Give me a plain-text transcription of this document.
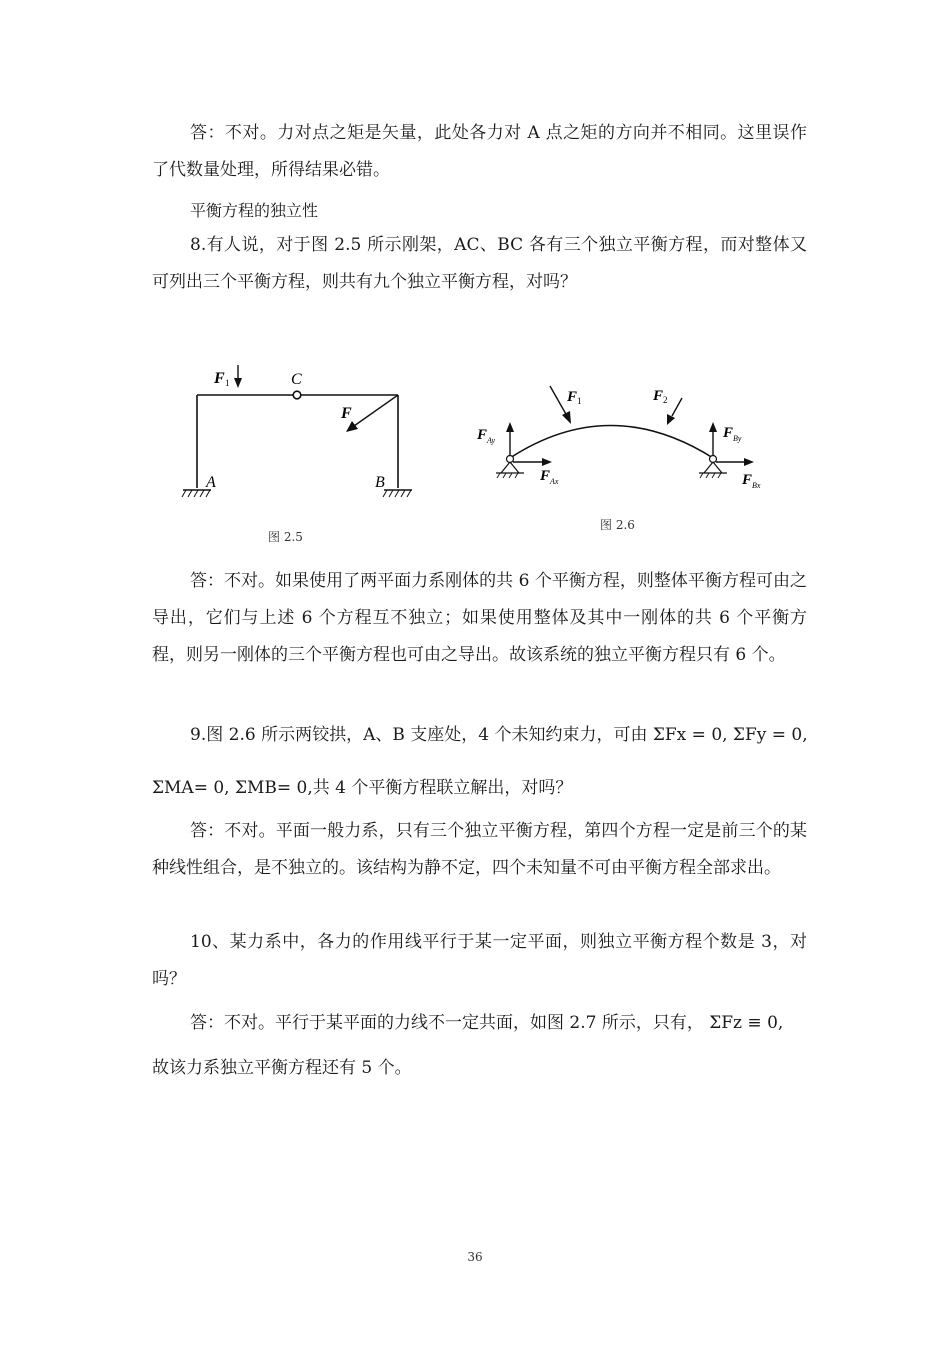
答：不对。力对点之矩是矢量，此处各力对 A 点之矩的方向并不相同。这里误作了代数量处理，所得结果必错。

平衡方程的独立性

8.有人说，对于图 2.5 所示刚架，AC、BC 各有三个独立平衡方程，而对整体又可列出三个平衡方程，则共有九个独立平衡方程，对吗？

F 1	C
F
A	B
图 2.5
F 1	F 2
F Ay
F Ax
F By
F Bx
图 2.6

答：不对。如果使用了两平面力系刚体的共 6 个平衡方程，则整体平衡方程可由之导出，它们与上述 6 个方程互不独立；如果使用整体及其中一刚体的共 6 个平衡方程，则另一刚体的三个平衡方程也可由之导出。故该系统的独立平衡方程只有 6 个。

9.图 2.6 所示两铰拱，A、B 支座处，4 个未知约束力，可由 ΣFx = 0, ΣFy = 0,
ΣMA= 0, ΣMB= 0,共 4 个平衡方程联立解出，对吗？

答：不对。平面一般力系，只有三个独立平衡方程，第四个方程一定是前三个的某种线性组合，是不独立的。该结构为静不定，四个未知量不可由平衡方程全部求出。

10、某力系中，各力的作用线平行于某一定平面，则独立平衡方程个数是 3，对吗？

答：不对。平行于某平面的力线不一定共面，如图 2.7 所示，只有， ΣFz ≡ 0,
故该力系独立平衡方程还有 5 个。
36
